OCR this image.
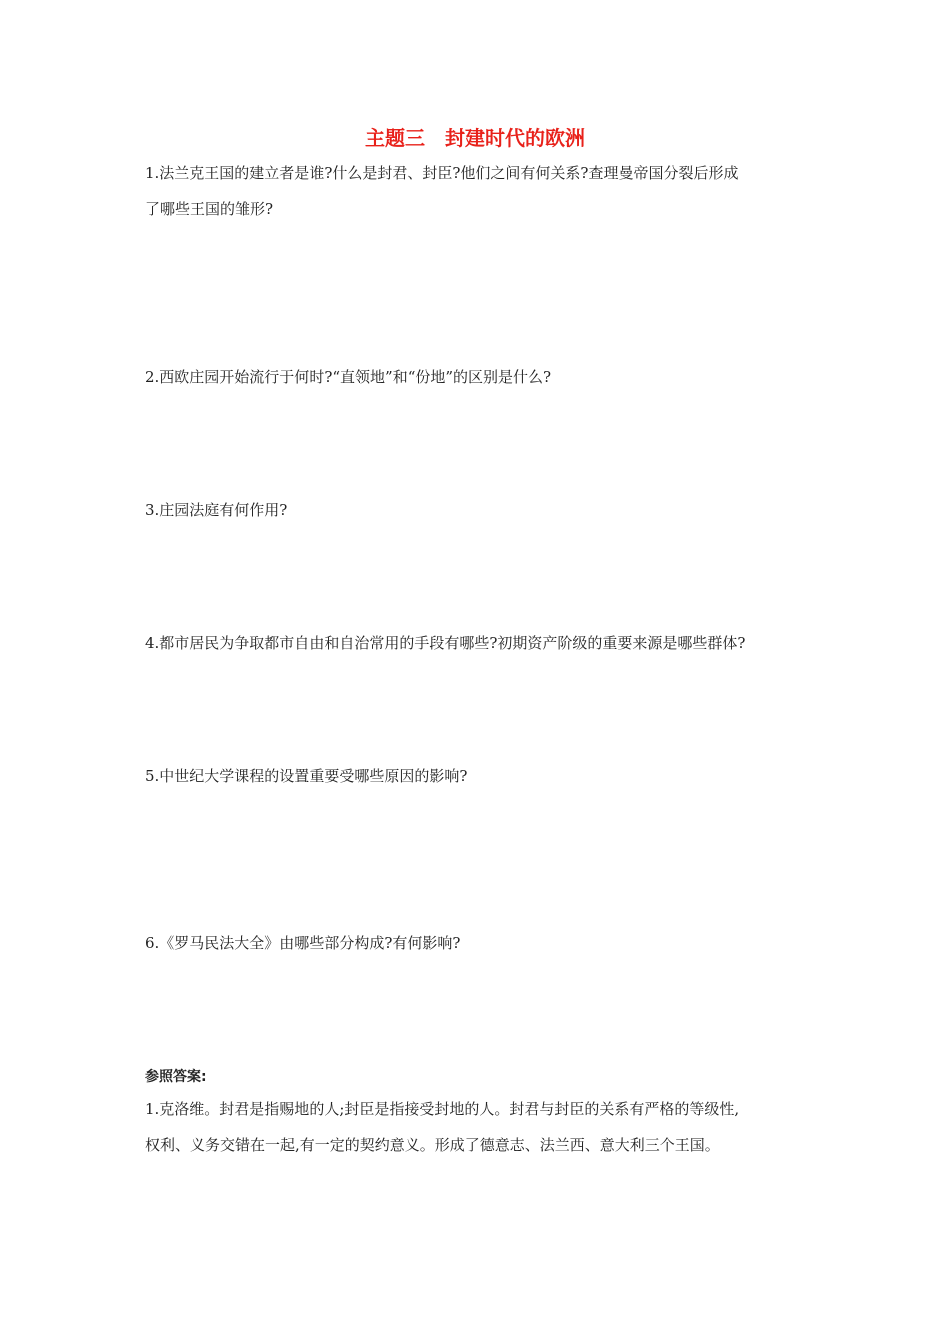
主题三　封建时代的欧洲
1.法兰克王国的建立者是谁?什么是封君、封臣?他们之间有何关系?查理曼帝国分裂后形成
了哪些王国的雏形?
2.西欧庄园开始流行于何时?“直领地”和“份地”的区别是什么?
3.庄园法庭有何作用?
4.都市居民为争取都市自由和自治常用的手段有哪些?初期资产阶级的重要来源是哪些群体?
5.中世纪大学课程的设置重要受哪些原因的影响?
6.《罗马民法大全》由哪些部分构成?有何影响?
参照答案:
1.克洛维。封君是指赐地的人;封臣是指接受封地的人。封君与封臣的关系有严格的等级性,
权利、义务交错在一起,有一定的契约意义。形成了德意志、法兰西、意大利三个王国。
